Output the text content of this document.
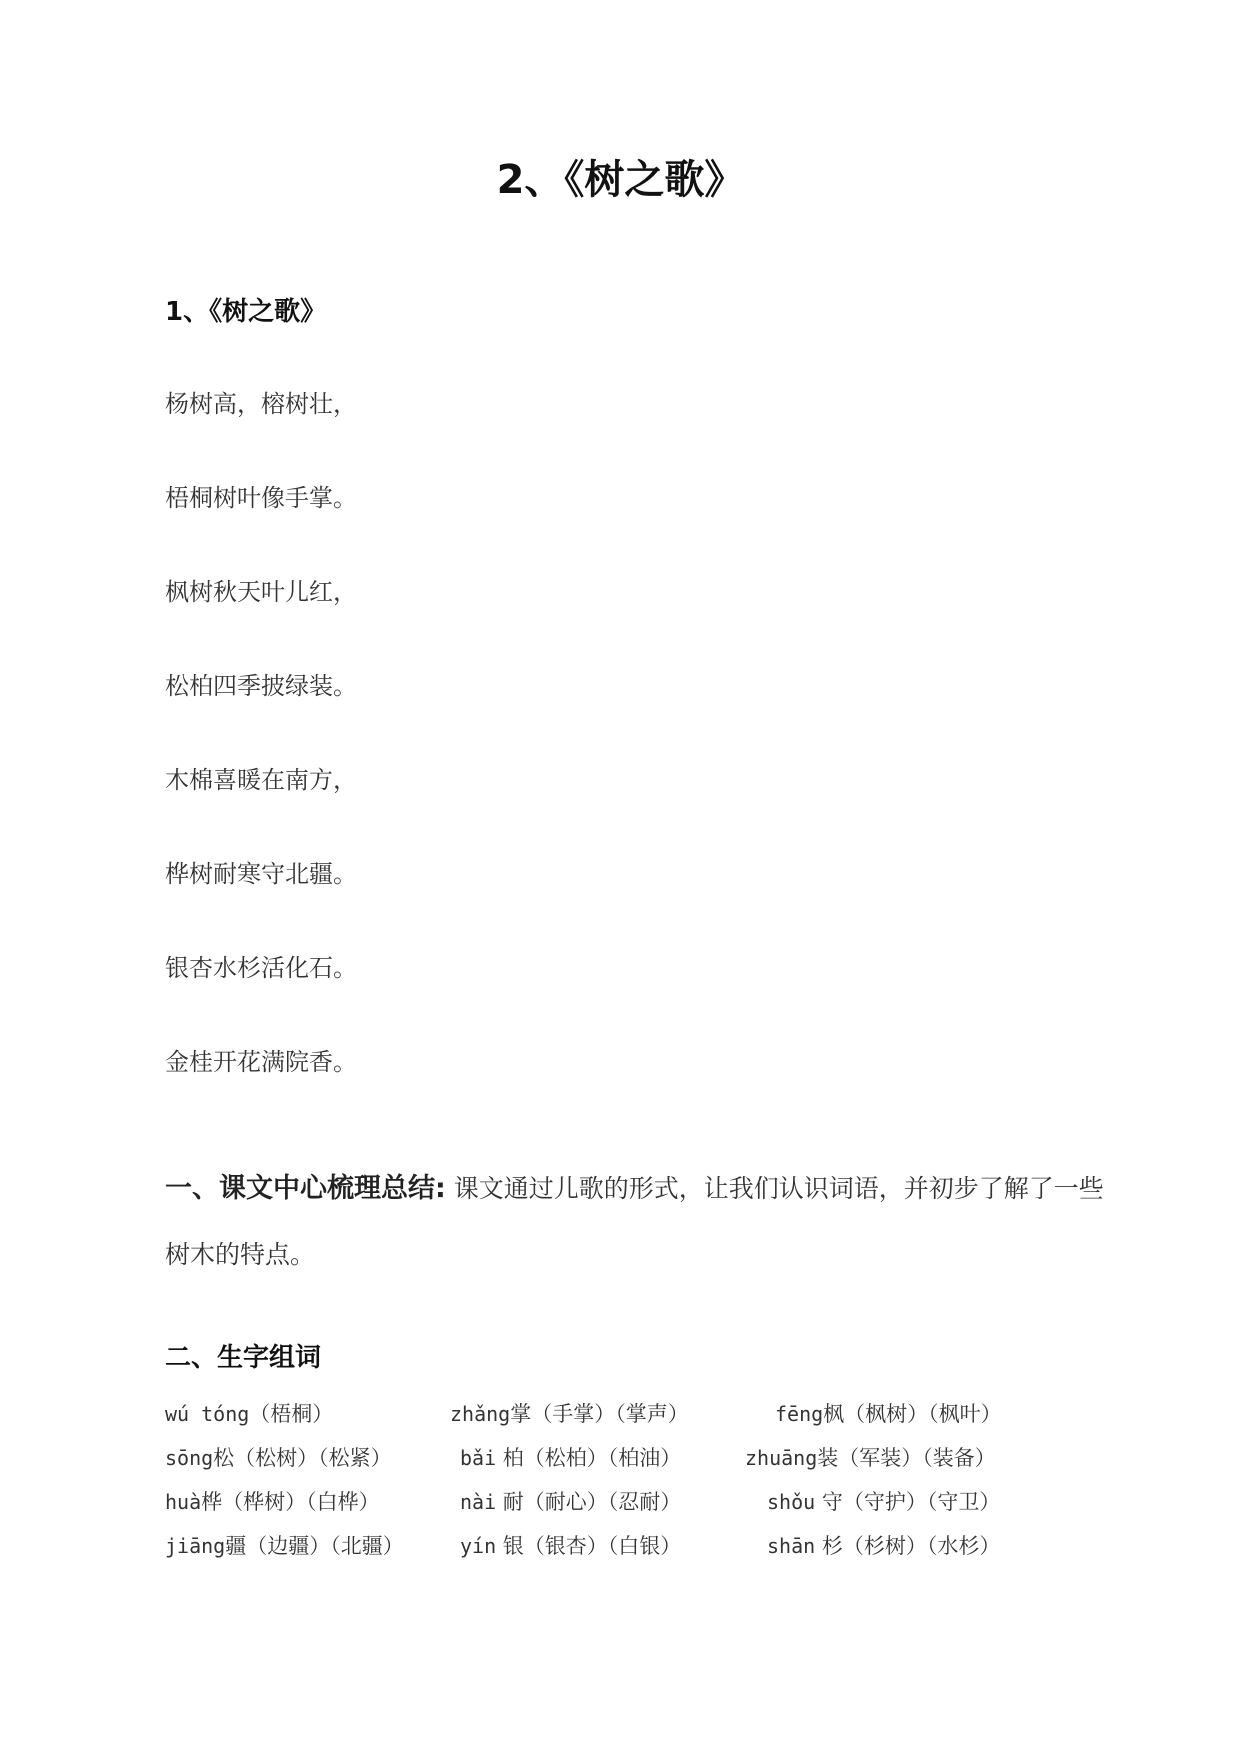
2、《树之歌》
1、《树之歌》
杨树高，榕树壮，
梧桐树叶像手掌。
枫树秋天叶儿红，
松柏四季披绿装。
木棉喜暖在南方，
桦树耐寒守北疆。
银杏水杉活化石。
金桂开花满院香。
一、课文中心梳理总结: 课文通过儿歌的形式，让我们认识词语，并初步了解了一些树木的特点。
二、生字组词
wú tóng（梧桐）	zhǎng掌（手掌）（掌声）	fēng枫（枫树）（枫叶）
sōng松（松树）（松紧）	bǎi 柏（松柏）（柏油）	zhuāng装（军装）（装备）
huà桦（桦树）（白桦）	nài 耐（耐心）（忍耐）	shǒu 守（守护）（守卫）
jiāng疆（边疆）（北疆）	yín 银（银杏）（白银）	shān 杉（杉树）（水杉）
